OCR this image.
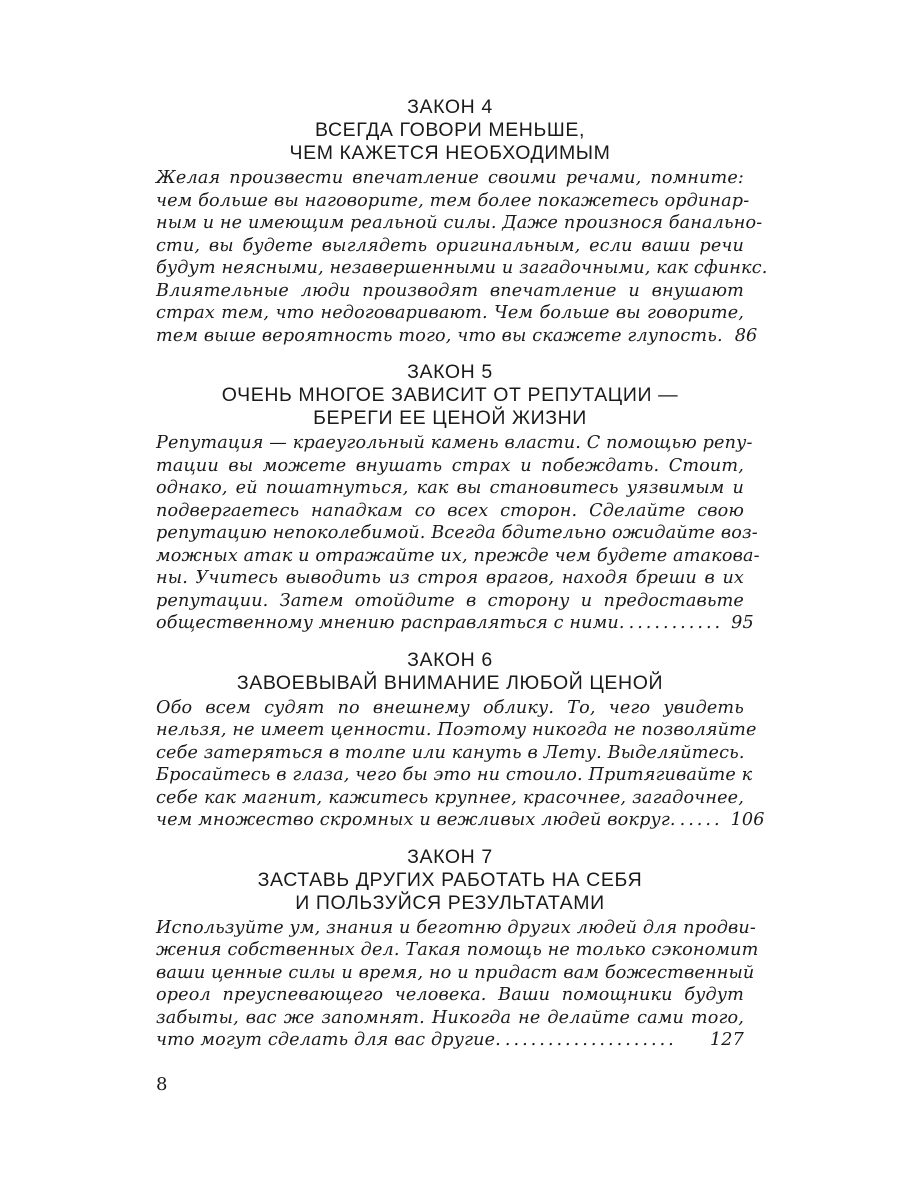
ЗАКОН 4

ВСЕГДА ГОВОРИ МЕНЬШЕ,
ЧЕМ КАЖЕТСЯ НЕОБХОДИМЫМ

Желая произвести впечатление своими речами, помните:
чем больше вы наговорите, тем более покажетесь ординар-
ным и не имеющим реальной силы. Даже произнося банально-
сти, вы будете выглядеть оригинальным, если ваши речи
будут неясными, незавершенными и загадочными, как сфинкс.
Влиятельные люди производят впечатление и внушают
страх тем, что недоговаривают. Чем больше вы говорите,
тем выше вероятность того, что вы скажете глупость. 86

ЗАКОН 5

ОЧЕНЬ МНОГОЕ ЗАВИСИТ ОТ РЕПУТАЦИИ —
БЕРЕГИ ЕЕ ЦЕНОЙ ЖИЗНИ

Репутация — краеугольный камень власти. С помощью репу-
тации вы можете внушать страх и побеждать. Стоит,
однако, ей пошатнуться, как вы становитесь уязвимым и
подвергаетесь нападкам со всех сторон. Сделайте свою
репутацию непоколебимой. Всегда бдительно ожидайте воз-
можных атак и отражайте их, прежде чем будете атакова-
ны. Учитесь выводить из строя врагов, находя бреши в их
репутации. Затем отойдите в сторону и предоставьте
общественному мнению расправляться с ними. ........... 95

ЗАКОН 6

ЗАВОЕВЫВАЙ ВНИМАНИЕ ЛЮБОЙ ЦЕНОЙ

Обо всем судят по внешнему облику. То, чего увидеть
нельзя, не имеет ценности. Поэтому никогда не позволяйте
себе затеряться в толпе или кануть в Лету. Выделяйтесь.
Бросайтесь в глаза, чего бы это ни стоило. Притягивайте к
себе как магнит, кажитесь крупнее, красочнее, загадочнее,
чем множество скромных и вежливых людей вокруг. ..... 106

ЗАКОН 7

ЗАСТАВЬ ДРУГИХ РАБОТАТЬ НА СЕБЯ
И ПОЛЬЗУЙСЯ РЕЗУЛЬТАТАМИ

Используйте ум, знания и беготню других людей для продви-
жения собственных дел. Такая помощь не только сэкономит
ваши ценные силы и время, но и придаст вам божественный
ореол преуспевающего человека. Ваши помощники будут
забыты, вас же запомнят. Никогда не делайте сами того,
что могут сделать для вас другие. ....................	127
8
